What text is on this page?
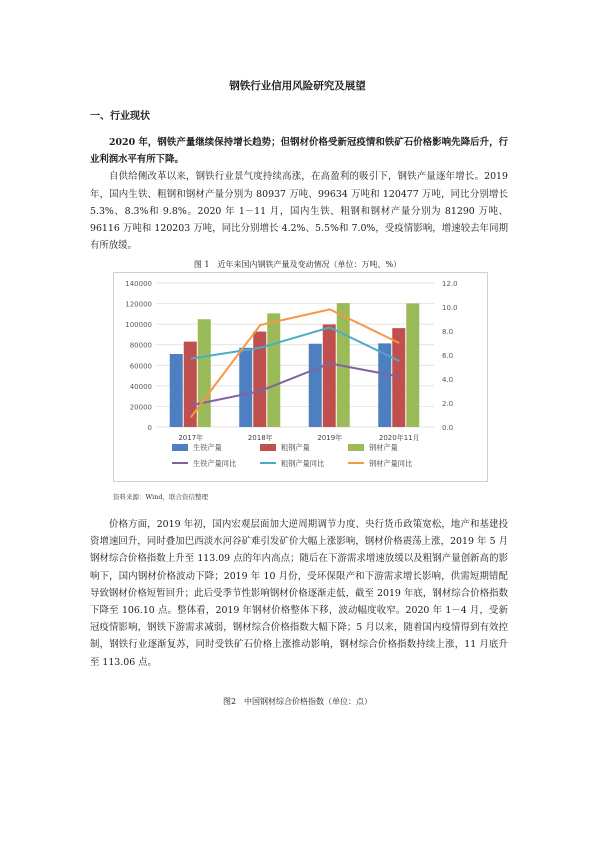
钢铁行业信用风险研究及展望
一、行业现状

2020 年，钢铁产量继续保持增长趋势；但钢材价格受新冠疫情和铁矿石价格影响先降后升，行业利润水平有所下降。
自供给侧改革以来，钢铁行业景气度持续高涨，在高盈利的吸引下，钢铁产量逐年增长。2019 年，国内生铁、粗钢和钢材产量分别为 80937 万吨、99634 万吨和 120477 万吨，同比分别增长 5.3%、8.3%和 9.8%。2020 年 1－11 月，国内生铁、粗钢和钢材产量分别为 81290 万吨、96116 万吨和 120203 万吨，同比分别增长 4.2%、5.5%和 7.0%，受疫情影响，增速较去年同期有所放缓。

图 1　近年来国内钢铁产量及变动情况（单位：万吨、%）
0
20000
40000
60000
80000
100000
120000
140000
0.0
2.0
4.0
6.0
8.0
10.0
12.0
2017年	2018年	2019年	2020年11月
生铁产量	粗钢产量	钢材产量
生铁产量同比	粗钢产量同比	钢材产量同比
资料来源：Wind，联合资信整理

价格方面，2019 年初，国内宏观层面加大逆周期调节力度、央行货币政策宽松，地产和基建投资增速回升，同时叠加巴西淡水河谷矿难引发矿价大幅上涨影响，钢材价格震荡上涨，2019 年 5 月钢材综合价格指数上升至 113.09 点的年内高点；随后在下游需求增速放缓以及粗钢产量创新高的影响下，国内钢材价格波动下降；2019 年 10 月份，受环保限产和下游需求增长影响，供需短期错配导致钢材价格短暂回升；此后受季节性影响钢材价格逐渐走低，截至 2019 年底，钢材综合价格指数下降至 106.10 点。整体看，2019 年钢材价格整体下移，波动幅度收窄。2020 年 1－4 月，受新冠疫情影响，钢铁下游需求减弱，钢材综合价格指数大幅下降；5 月以来，随着国内疫情得到有效控制，钢铁行业逐渐复苏，同时受铁矿石价格上涨推动影响，钢材综合价格指数持续上涨，11 月底升至 113.06 点。

图2　中国钢材综合价格指数（单位：点）
